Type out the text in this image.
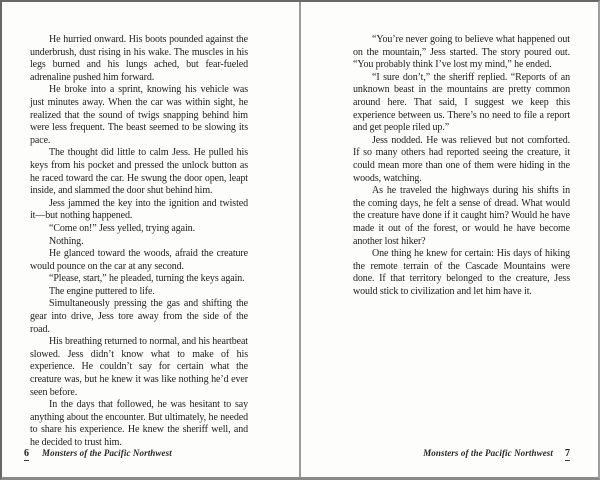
He hurried onward. His boots pounded against the underbrush, dust rising in his wake. The muscles in his legs burned and his lungs ached, but fear-fueled adrenaline pushed him forward.

He broke into a sprint, knowing his vehicle was just minutes away. When the car was within sight, he realized that the sound of twigs snapping behind him were less frequent. The beast seemed to be slowing its pace.

The thought did little to calm Jess. He pulled his keys from his pocket and pressed the unlock button as he raced toward the car. He swung the door open, leapt inside, and slammed the door shut behind him.

Jess jammed the key into the ignition and twisted it—but nothing happened.

“Come on!” Jess yelled, trying again.

Nothing.

He glanced toward the woods, afraid the creature would pounce on the car at any second.

“Please, start,” he pleaded, turning the keys again.

The engine puttered to life.

Simultaneously pressing the gas and shifting the gear into drive, Jess tore away from the side of the road.

His breathing returned to normal, and his heartbeat slowed. Jess didn’t know what to make of his experience. He couldn’t say for certain what the creature was, but he knew it was like nothing he’d ever seen before.

In the days that followed, he was hesitant to say anything about the encounter. But ultimately, he needed to share his experience. He knew the sheriff well, and he decided to trust him.

6 Monsters of the Pacific Northwest

“You’re never going to believe what happened out on the mountain,” Jess started. The story poured out. “You probably think I’ve lost my mind,” he ended.

“I sure don’t,” the sheriff replied. “Reports of an unknown beast in the mountains are pretty common around here. That said, I suggest we keep this experience between us. There’s no need to file a report and get people riled up.”

Jess nodded. He was relieved but not comforted. If so many others had reported seeing the creature, it could mean more than one of them were hiding in the woods, watching.

As he traveled the highways during his shifts in the coming days, he felt a sense of dread. What would the creature have done if it caught him? Would he have made it out of the forest, or would he have become another lost hiker?

One thing he knew for certain: His days of hiking the remote terrain of the Cascade Mountains were done. If that territory belonged to the creature, Jess would stick to civilization and let him have it.

Monsters of the Pacific Northwest 7
